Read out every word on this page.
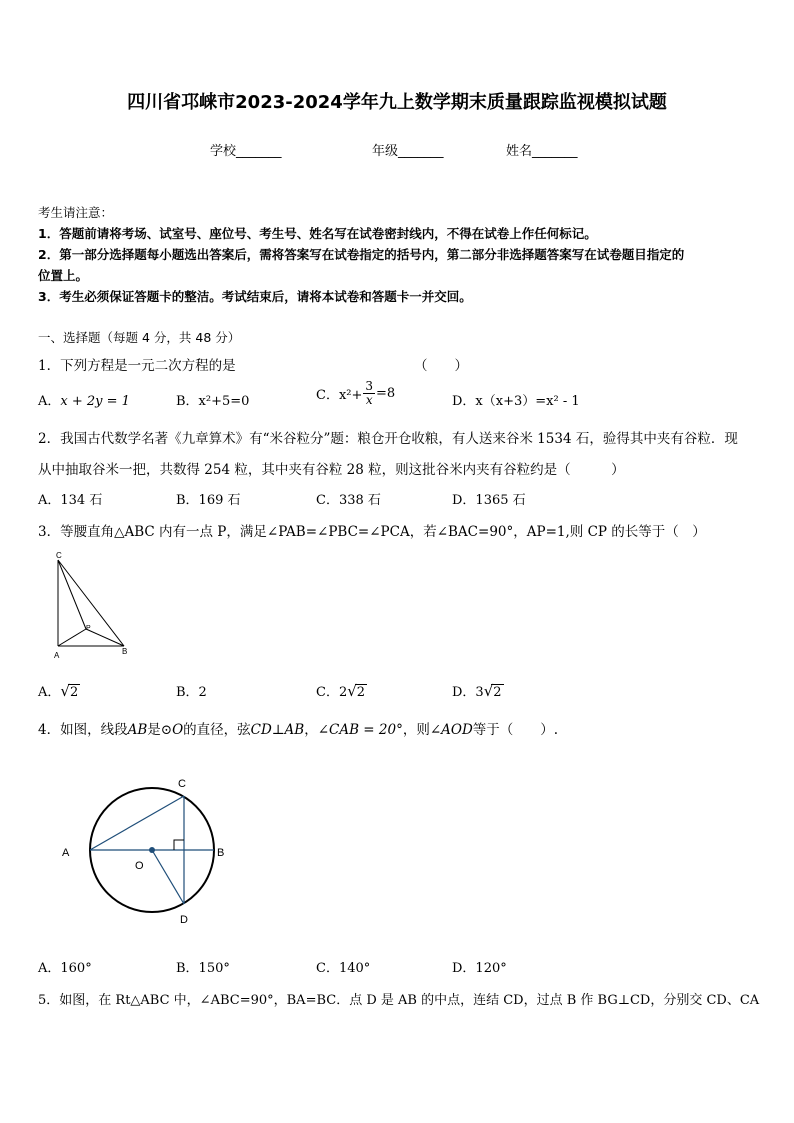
四川省邛崃市2023-2024学年九上数学期末质量跟踪监视模拟试题
学校_______	年级_______	姓名_______
考生请注意：
1．答题前请将考场、试室号、座位号、考生号、姓名写在试卷密封线内，不得在试卷上作任何标记。
2．第一部分选择题每小题选出答案后，需将答案写在试卷指定的括号内，第二部分非选择题答案写在试卷题目指定的
位置上。
3．考生必须保证答题卡的整洁。考试结束后，请将本试卷和答题卡一并交回。
一、选择题（每题 4 分，共 48 分）
1．下列方程是一元二次方程的是	（　　）
A．x + 2y = 1	B．x²+5=0	C．$x^2+ \frac{3}{x} =8$
D．x（x+3）=x² - 1
2．我国古代数学名著《九章算术》有“米谷粒分”题：粮仓开仓收粮，有人送来谷米 1534 石，验得其中夹有谷粒．现
从中抽取谷米一把，共数得 254 粒，其中夹有谷粒 28 粒，则这批谷米内夹有谷粒约是（　　　）
A．134 石	B．169 石	C．338 石	D．1365 石
3．等腰直角△ABC 内有一点 P，满足∠PAB=∠PBC=∠PCA，若∠BAC=90°，AP=1,则 CP 的长等于（　）
C
P
A	B
A．√2	B．2	C．2√2	D．3√2
4．如图，线段AB是⊙O的直径，弦CD⊥AB，∠CAB = 20°，则∠AOD等于（　　）.
A	B
C
D
O
A．160°	B．150°	C．140°	D．120°
5．如图，在 Rt△ABC 中，∠ABC=90°，BA=BC．点 D 是 AB 的中点，连结 CD，过点 B 作 BG⊥CD，分别交 CD、CA
